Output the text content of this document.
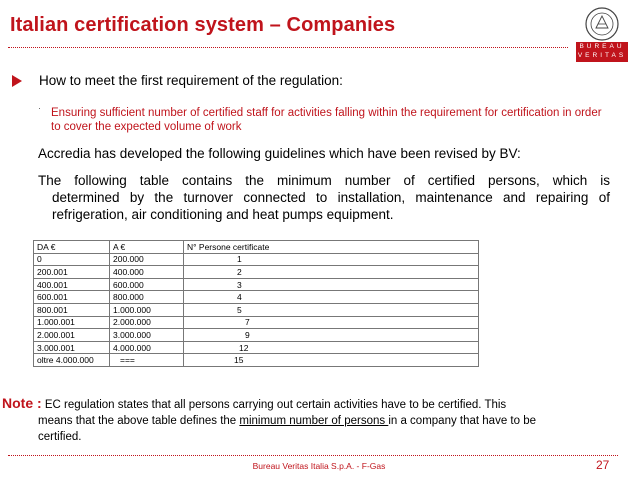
Italian certification system – Companies
BUREAU
VERITAS
How to meet the first requirement of the regulation:
· Ensuring sufficient number of certified staff for activities falling within the requirement for certification in order to cover the expected volume of work
Accredia has developed the following guidelines which have been revised by BV:
The following table contains the minimum number of certified persons, which is
determined by the turnover connected to installation, maintenance and repairing of
refrigeration, air conditioning and heat pumps equipment.
DA €	A €	N° Persone certificate
0	200.000	1
200.001	400.000	2
400.001	600.000	3
600.001	800.000	4
800.001	1.000.000	5
1.000.001	2.000.000	7
2.000.001	3.000.000	9
3.000.001	4.000.000	12
oltre 4.000.000	===	15
Note : EC regulation states that all persons carrying out certain activities have to be certified. This
means that the above table defines the minimum number of persons in a company that have to be
certified.
Bureau Veritas Italia S.p.A. - F-Gas	27
